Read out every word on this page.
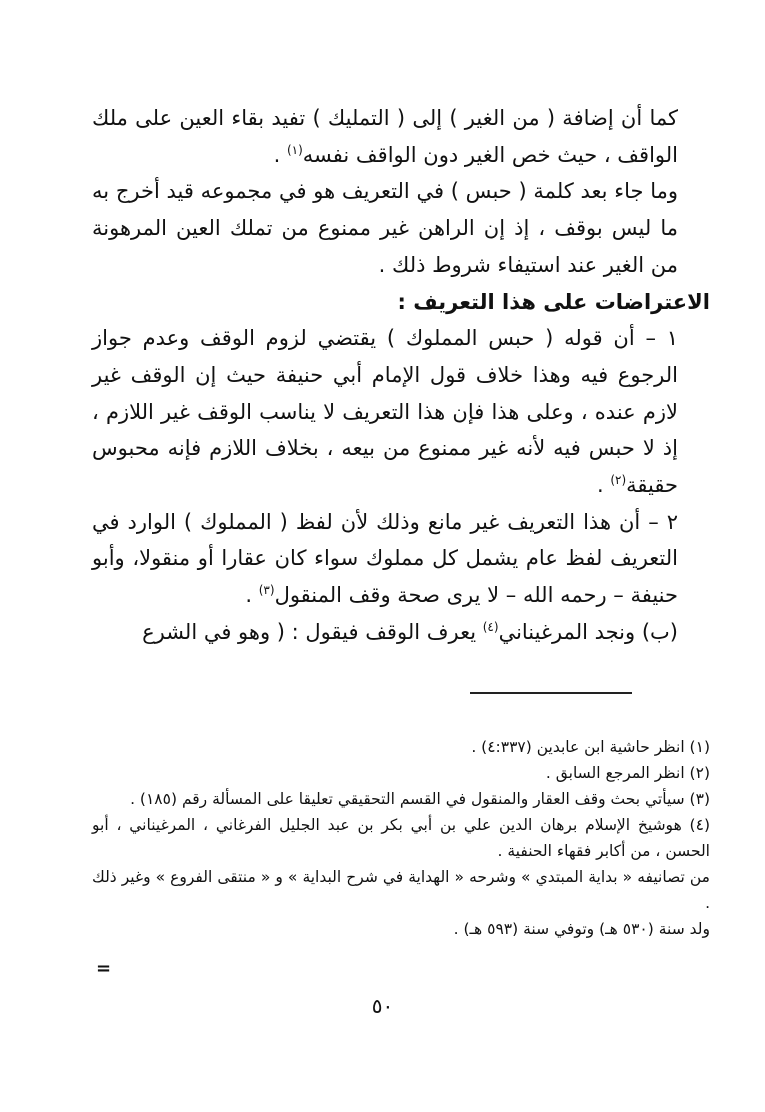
كما أن إضافة ( من الغير ) إلى ( التمليك ) تفيد بقاء العين على ملك الواقف ، حيث خص الغير دون الواقف نفسه$^{(١)}$ .

وما جاء بعد كلمة ( حبس ) في التعريف هو في مجموعه قيد أخرج به ما ليس بوقف ، إذ إن الراهن غير ممنوع من تملك العين المرهونة من الغير عند استيفاء شروط ذلك .

الاعتراضات على هذا التعريف :

١ – أن قوله ( حبس المملوك ) يقتضي لزوم الوقف وعدم جواز الرجوع فيه وهذا خلاف قول الإمام أبي حنيفة حيث إن الوقف غير لازم عنده ، وعلى هذا فإن هذا التعريف لا يناسب الوقف غير اللازم ، إذ لا حبس فيه لأنه غير ممنوع من بيعه ، بخلاف اللازم فإنه محبوس حقيقة$^{(٢)}$ .

٢ – أن هذا التعريف غير مانع وذلك لأن لفظ ( المملوك ) الوارد في التعريف لفظ عام يشمل كل مملوك سواء كان عقارا أو منقولا، وأبو حنيفة – رحمه الله – لا يرى صحة وقف المنقول$^{(٣)}$ .

(ب) ونجد المرغيناني$^{(٤)}$ يعرف الوقف فيقول : ( وهو في الشرع

(١) انظر حاشية ابن عابدين (٤:٣٣٧) .

(٢) انظر المرجع السابق .

(٣) سيأتي بحث وقف العقار والمنقول في القسم التحقيقي تعليقا على المسألة رقم (١٨٥) .

(٤) هوشيخ الإسلام برهان الدين علي بن أبي بكر بن عبد الجليل الفرغاني ، المرغيناني ، أبو الحسن ، من أكابر فقهاء الحنفية .

من تصانيفه « بداية المبتدي » وشرحه « الهداية في شرح البداية » و « منتقى الفروع » وغير ذلك .

ولد سنة (٥٣٠ هـ) وتوفي سنة (٥٩٣ هـ) .

=
٥٠
